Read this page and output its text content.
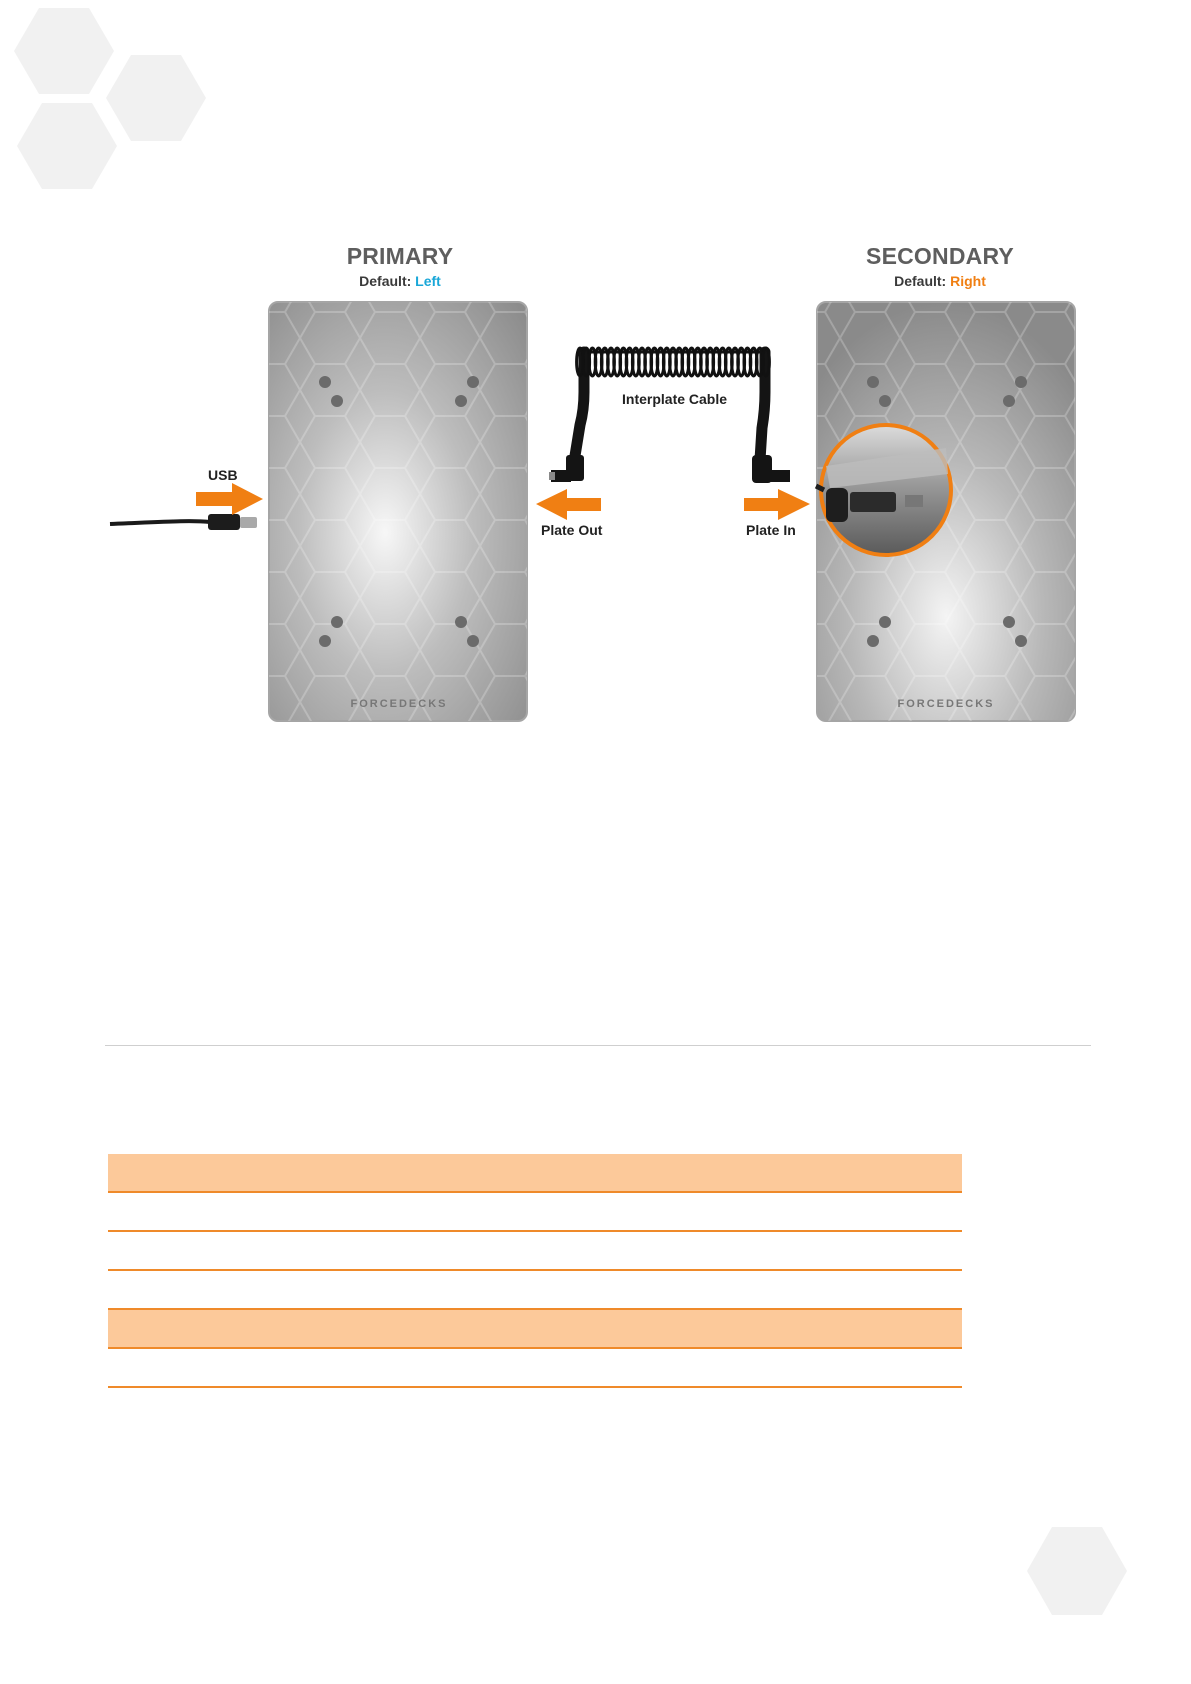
PRIMARY
Default: Left
SECONDARY
Default: Right
FORCEDECKS	FORCEDECKS
USB
Plate Out	Plate In
Interplate Cable
